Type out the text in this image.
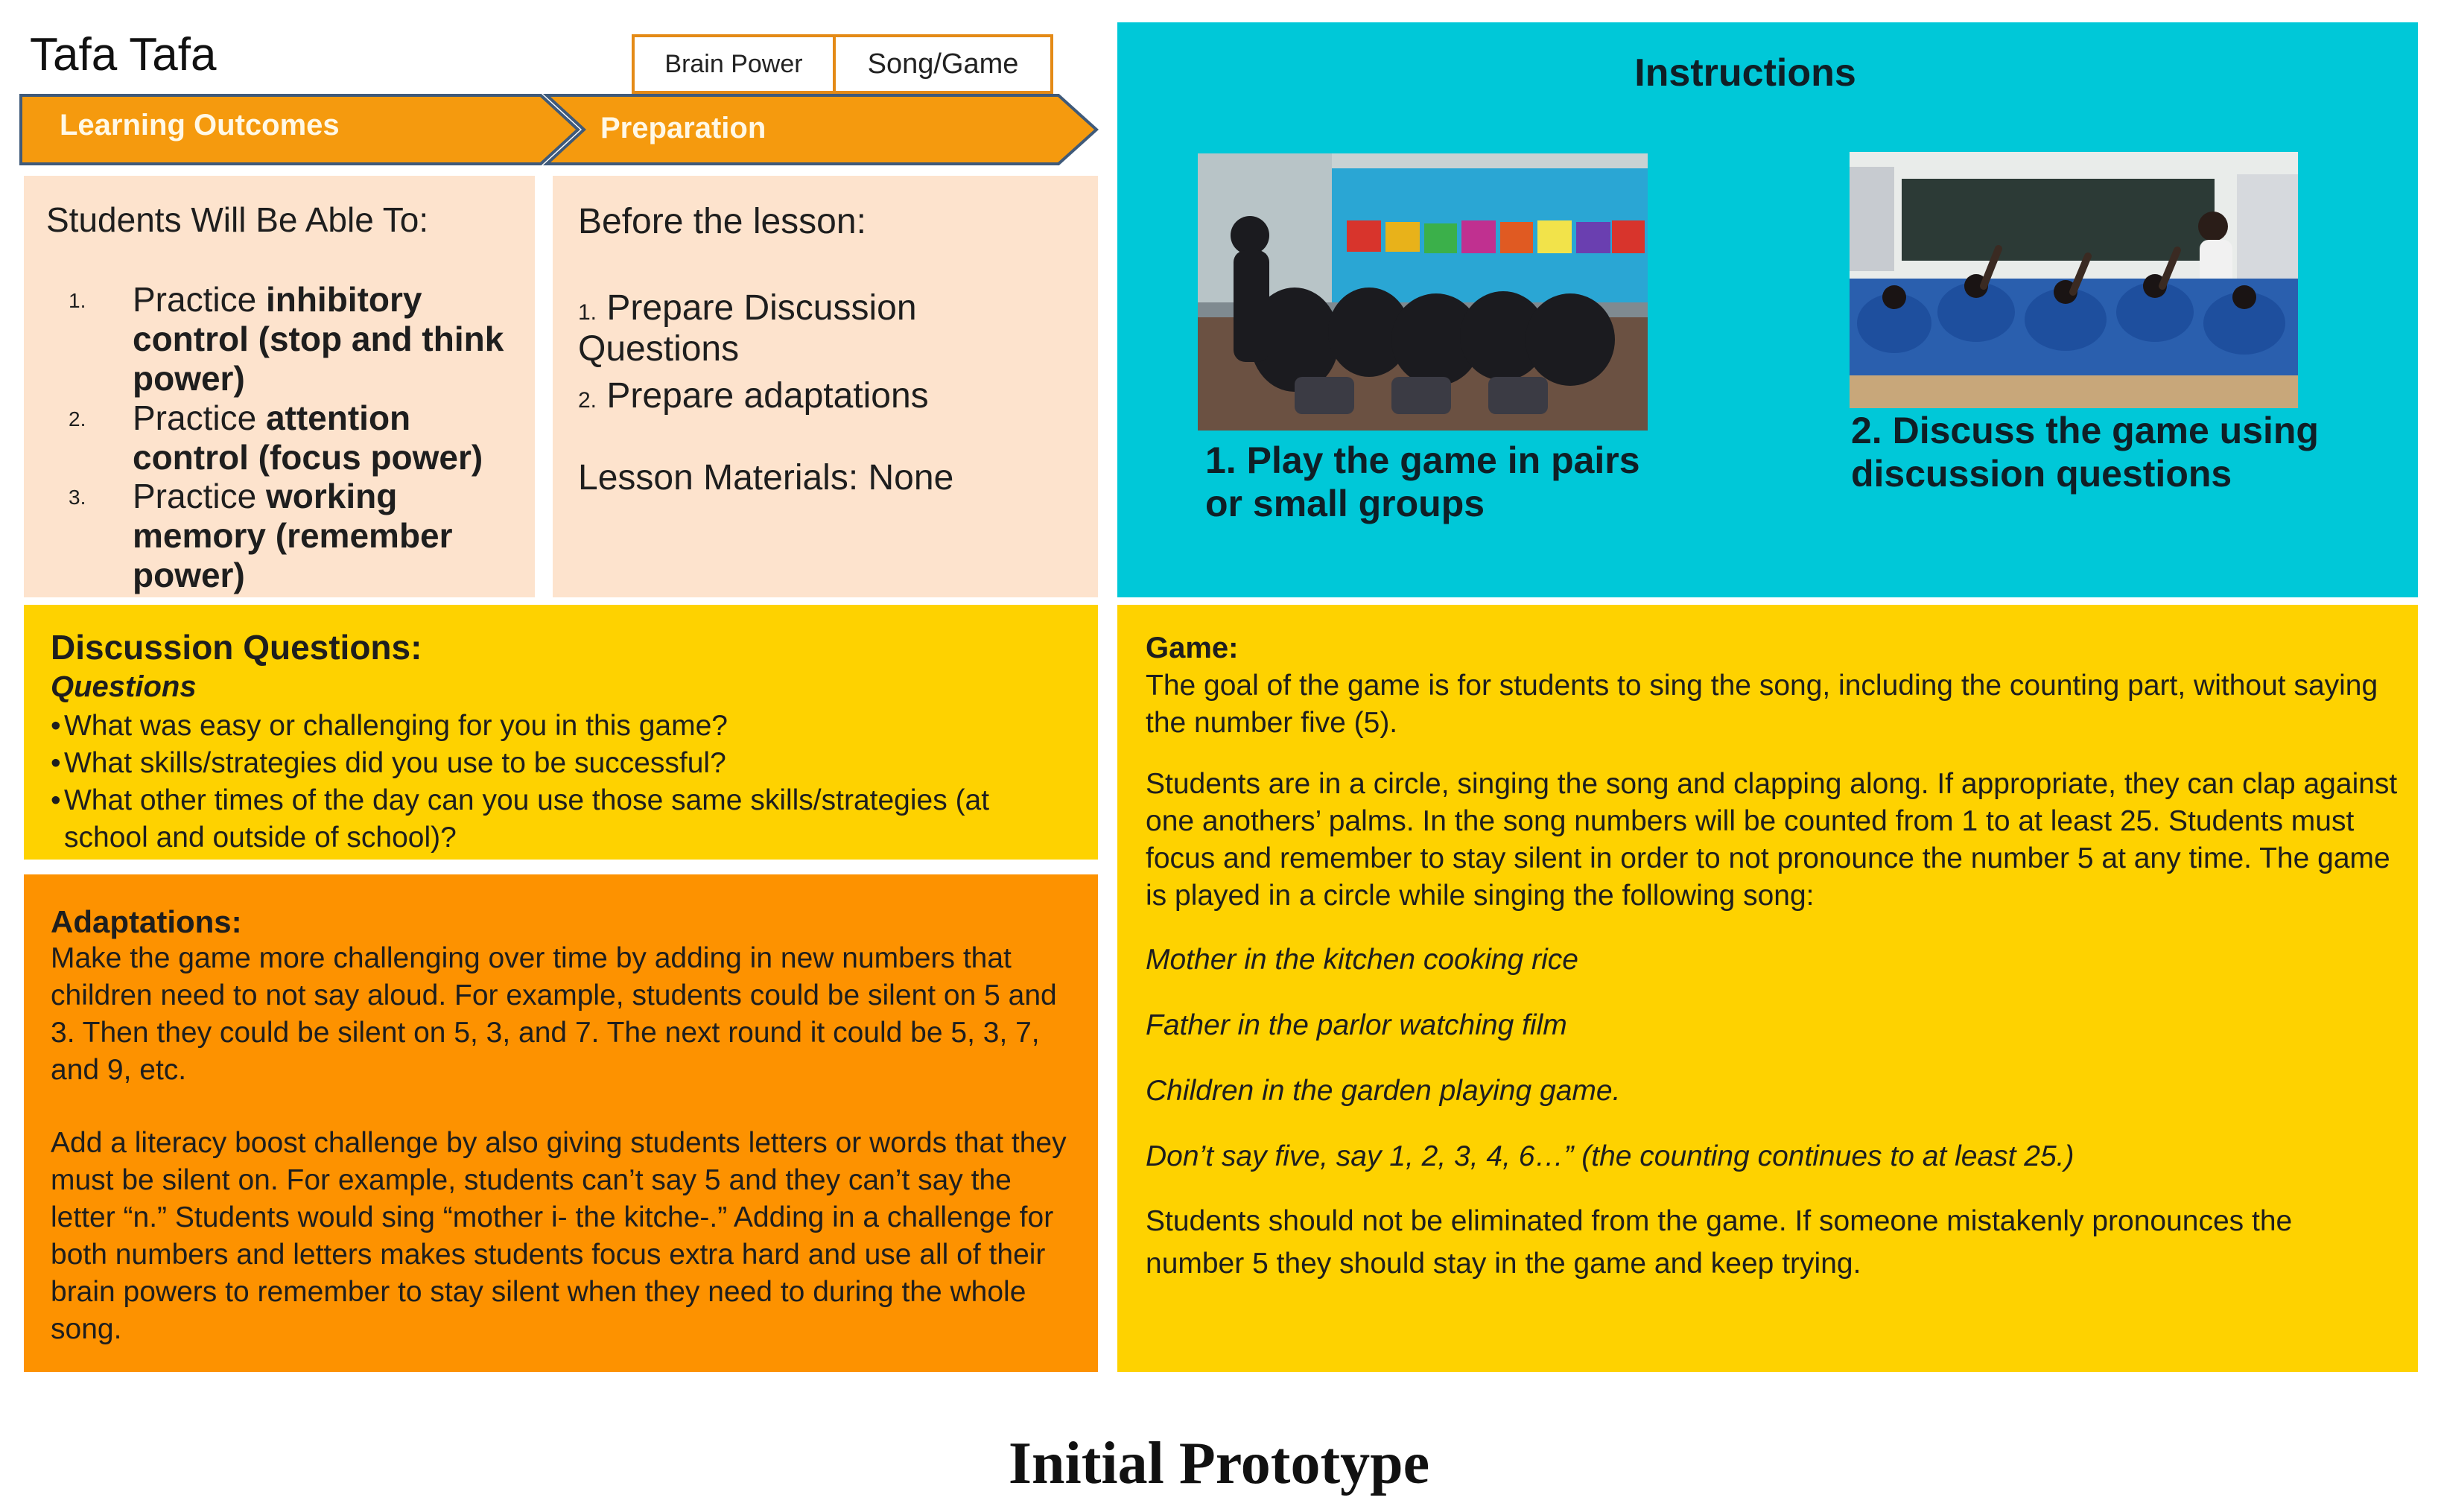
Tafa Tafa	Brain Power	Song/Game
Learning Outcomes	Preparation

Students Will Be Able To:

1. Practice inhibitory control (stop and think power)
2. Practice attention control (focus power)
3. Practice working memory (remember power)

Before the lesson:

1. Prepare Discussion Questions
2. Prepare adaptations

Lesson Materials: None

Instructions
1. Play the game in pairs or small groups
2. Discuss the game using discussion questions
Discussion Questions:
Questions
• What was easy or challenging for you in this game?
• What skills/strategies did you use to be successful?
• What other times of the day can you use those same skills/strategies (at school and outside of school)?
Adaptations:

Make the game more challenging over time by adding in new numbers that children need to not say aloud. For example, students could be silent on 5 and 3. Then they could be silent on 5, 3, and 7. The next round it could be 5, 3, 7, and 9, etc.

Add a literacy boost challenge by also giving students letters or words that they must be silent on. For example, students can’t say 5 and they can’t say the letter “n.” Students would sing “mother i- the kitche-.” Adding in a challenge for both numbers and letters makes students focus extra hard and use all of their brain powers to remember to stay silent when they need to during the whole song.

Game:

The goal of the game is for students to sing the song, including the counting part, without saying the number five (5).

Students are in a circle, singing the song and clapping along. If appropriate, they can clap against one anothers’ palms. In the song numbers will be counted from 1 to at least 25. Students must focus and remember to stay silent in order to not pronounce the number 5 at any time. The game is played in a circle while singing the following song:

Mother in the kitchen cooking rice

Father in the parlor watching film

Children in the garden playing game.

Don’t say five, say 1, 2, 3, 4, 6…” (the counting continues to at least 25.)

Students should not be eliminated from the game. If someone mistakenly pronounces the number 5 they should stay in the game and keep trying.

Initial Prototype
